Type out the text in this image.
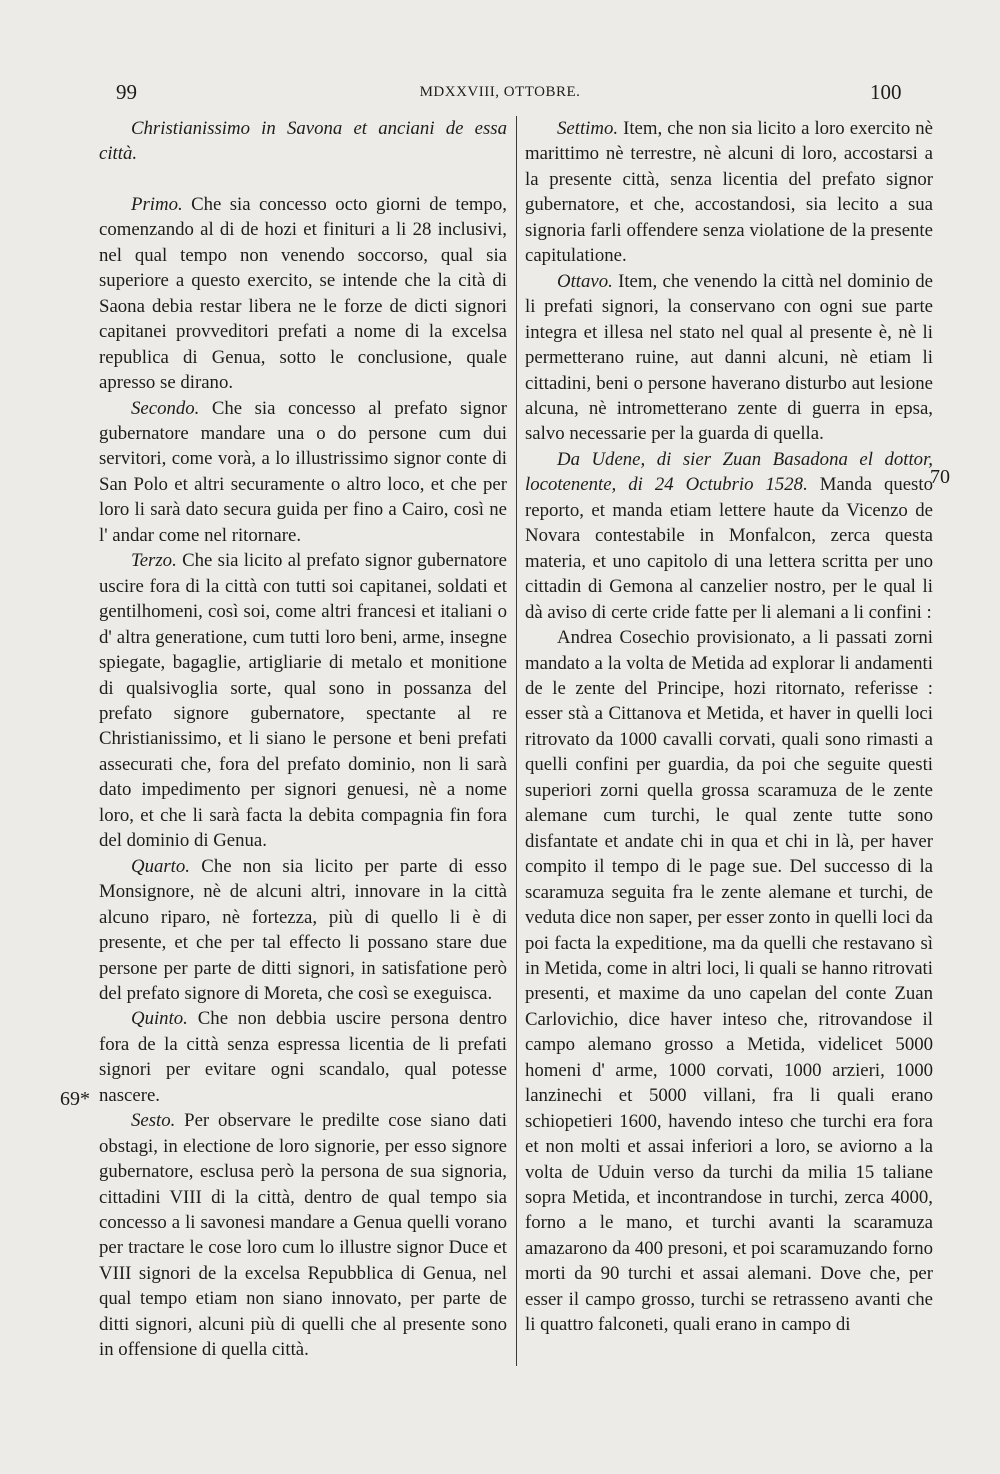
99	MDXXVIII, OTTOBRE.	100
69*
70

Christianissimo in Savona et anciani de essa città.

Primo. Che sia concesso octo giorni de tempo, comenzando al di de hozi et finituri a li 28 inclusivi, nel qual tempo non venendo soccorso, qual sia superiore a questo exercito, se intende che la cità di Saona debia restar libera ne le forze de dicti signori capitanei provveditori prefati a nome di la excelsa republica di Genua, sotto le conclusione, quale apresso se dirano.

Secondo. Che sia concesso al prefato signor gubernatore mandare una o do persone cum dui servitori, come vorà, a lo illustrissimo signor conte di San Polo et altri securamente o altro loco, et che per loro li sarà dato secura guida per fino a Cairo, così ne l' andar come nel ritornare.

Terzo. Che sia licito al prefato signor gubernatore uscire fora di la città con tutti soi capitanei, soldati et gentilhomeni, così soi, come altri francesi et italiani o d' altra generatione, cum tutti loro beni, arme, insegne spiegate, bagaglie, artigliarie di metalo et monitione di qualsivoglia sorte, qual sono in possanza del prefato signore gubernatore, spectante al re Christianissimo, et li siano le persone et beni prefati assecurati che, fora del prefato dominio, non li sarà dato impedimento per signori genuesi, nè a nome loro, et che li sarà facta la debita compagnia fin fora del dominio di Genua.

Quarto. Che non sia licito per parte di esso Monsignore, nè de alcuni altri, innovare in la città alcuno riparo, nè fortezza, più di quello li è di presente, et che per tal effecto li possano stare due persone per parte de ditti signori, in satisfatione però del prefato signore di Moreta, che così se exeguisca.

Quinto. Che non debbia uscire persona dentro fora de la città senza espressa licentia de li prefati signori per evitare ogni scandalo, qual potesse nascere.

Sesto. Per observare le predilte cose siano dati obstagi, in electione de loro signorie, per esso signore gubernatore, esclusa però la persona de sua signoria, cittadini VIII di la città, dentro de qual tempo sia concesso a li savonesi mandare a Genua quelli vorano per tractare le cose loro cum lo illustre signor Duce et VIII signori de la excelsa Repubblica di Genua, nel qual tempo etiam non siano innovato, per parte de ditti signori, alcuni più di quelli che al presente sono in offensione di quella città.

Settimo. Item, che non sia licito a loro exercito nè marittimo nè terrestre, nè alcuni di loro, accostarsi a la presente città, senza licentia del prefato signor gubernatore, et che, accostandosi, sia lecito a sua signoria farli offendere senza violatione de la presente capitulatione.

Ottavo. Item, che venendo la città nel dominio de li prefati signori, la conservano con ogni sue parte integra et illesa nel stato nel qual al presente è, nè li permetterano ruine, aut danni alcuni, nè etiam li cittadini, beni o persone haverano disturbo aut lesione alcuna, nè intrometterano zente di guerra in epsa, salvo necessarie per la guarda di quella.

Da Udene, di sier Zuan Basadona el dottor, locotenente, di 24 Octubrio 1528. Manda questo reporto, et manda etiam lettere haute da Vicenzo de Novara contestabile in Monfalcon, zerca questa materia, et uno capitolo di una lettera scritta per uno cittadin di Gemona al canzelier nostro, per le qual li dà aviso di certe cride fatte per li alemani a li confini :

Andrea Cosechio provisionato, a li passati zorni mandato a la volta de Metida ad explorar li andamenti de le zente del Principe, hozi ritornato, referisse : esser stà a Cittanova et Metida, et haver in quelli loci ritrovato da 1000 cavalli corvati, quali sono rimasti a quelli confini per guardia, da poi che seguite questi superiori zorni quella grossa scaramuza de le zente alemane cum turchi, le qual zente tutte sono disfantate et andate chi in qua et chi in là, per haver compito il tempo di le page sue. Del successo di la scaramuza seguita fra le zente alemane et turchi, de veduta dice non saper, per esser zonto in quelli loci da poi facta la expeditione, ma da quelli che restavano sì in Metida, come in altri loci, li quali se hanno ritrovati presenti, et maxime da uno capelan del conte Zuan Carlovichio, dice haver inteso che, ritrovandose il campo alemano grosso a Metida, videlicet 5000 homeni d' arme, 1000 corvati, 1000 arzieri, 1000 lanzinechi et 5000 villani, fra li quali erano schiopetieri 1600, havendo inteso che turchi era fora et non molti et assai inferiori a loro, se aviorno a la volta de Uduin verso da turchi da milia 15 taliane sopra Metida, et incontrandose in turchi, zerca 4000, forno a le mano, et turchi avanti la scaramuza amazarono da 400 presoni, et poi scaramuzando forno morti da 90 turchi et assai alemani. Dove che, per esser il campo grosso, turchi se retrasseno avanti che li quattro falconeti, quali erano in campo di
